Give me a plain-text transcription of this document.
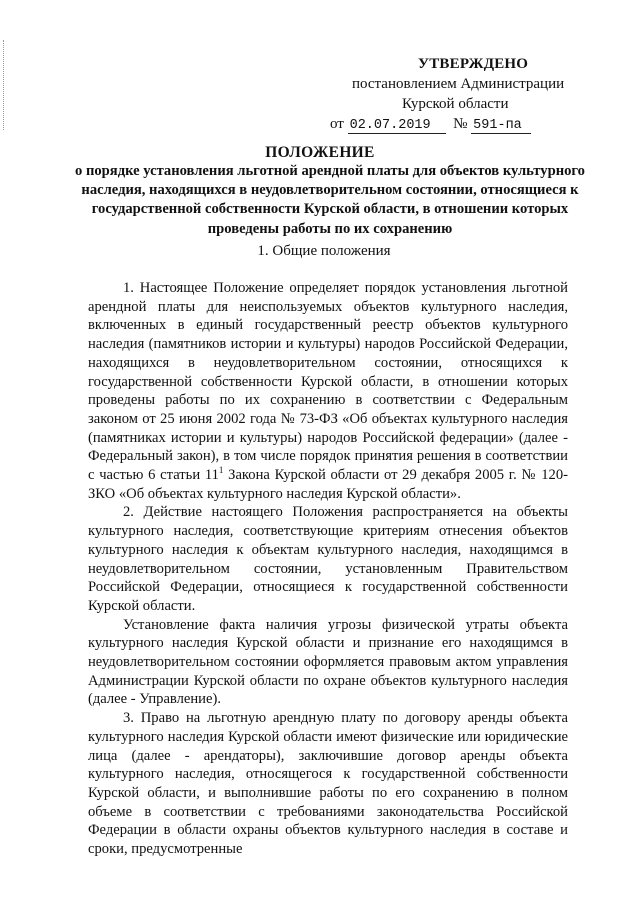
УТВЕРЖДЕНО
постановлением Администрации
Курской области
от
02.07.2019
	№
591-па
ПОЛОЖЕНИЕ
о порядке установления льготной арендной платы для объектов культурного наследия, находящихся в неудовлетворительном состоянии, относящиеся к государственной собственности Курской области, в отношении которых проведены работы по их сохранению
1. Общие положения

1. Настоящее Положение определяет порядок установления льготной арендной платы для неиспользуемых объектов культурного наследия, включенных в единый государственный реестр объектов культурного наследия (памятников истории и культуры) народов Российской Федерации, находящихся в неудовлетворительном состоянии, относящихся к государственной собственности Курской области, в отношении которых проведены работы по их сохранению в соответствии с Федеральным законом от 25 июня 2002 года № 73-ФЗ «Об объектах культурного наследия (памятниках истории и культуры) народов Российской федерации» (далее - Федеральный закон), в том числе порядок принятия решения в соответствии с частью 6 статьи $11^1$ Закона Курской области от 29 декабря 2005 г. № 120-ЗКО «Об объектах культурного наследия Курской области».

2. Действие настоящего Положения распространяется на объекты культурного наследия, соответствующие критериям отнесения объектов культурного наследия к объектам культурного наследия, находящимся в неудовлетворительном состоянии, установленным Правительством Российской Федерации, относящиеся к государственной собственности Курской области.

Установление факта наличия угрозы физической утраты объекта культурного наследия Курской области и признание его находящимся в неудовлетворительном состоянии оформляется правовым актом управления Администрации Курской области по охране объектов культурного наследия (далее - Управление).

3. Право на льготную арендную плату по договору аренды объекта культурного наследия Курской области имеют физические или юридические лица (далее - арендаторы), заключившие договор аренды объекта культурного наследия, относящегося к государственной собственности Курской области, и выполнившие работы по его сохранению в полном объеме в соответствии с требованиями законодательства Российской Федерации в области охраны объектов культурного наследия в составе и сроки, предусмотренные
